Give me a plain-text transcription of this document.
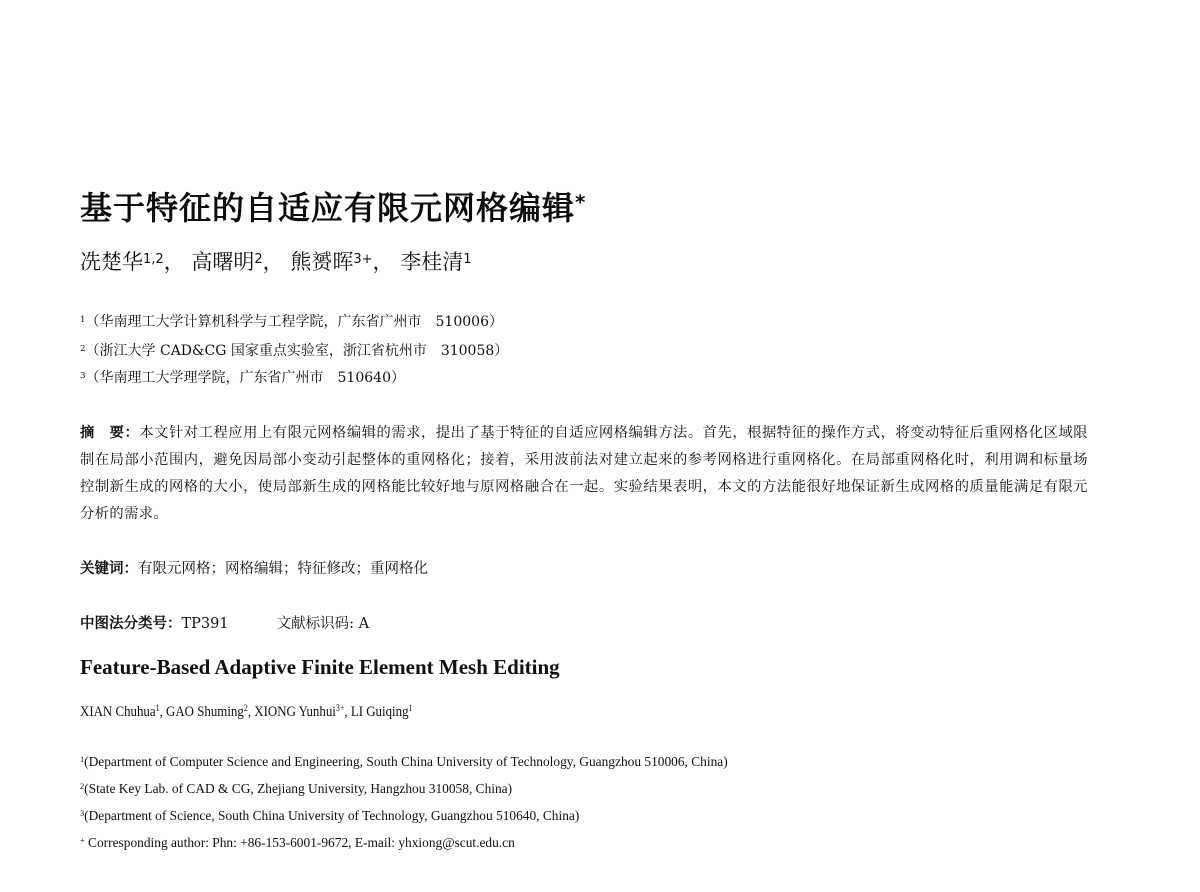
基于特征的自适应有限元网格编辑*
冼楚华$^{1,2}$， 高曙明$^2$， 熊赟晖$^{3+}$， 李桂清$^1$
$^1$（华南理工大学计算机科学与工程学院，广东省广州市　510006）
$^2$（浙江大学 CAD&CG 国家重点实验室，浙江省杭州市　310058）
$^3$（华南理工大学理学院，广东省广州市　510640）
摘　要：本文针对工程应用上有限元网格编辑的需求，提出了基于特征的自适应网格编辑方法。首先，根据特征的操作方式，将变动特征后重网格化区域限制在局部小范围内，避免因局部小变动引起整体的重网格化；接着，采用波前法对建立起来的参考网格进行重网格化。在局部重网格化时，利用调和标量场控制新生成的网格的大小，使局部新生成的网格能比较好地与原网格融合在一起。实验结果表明，本文的方法能很好地保证新生成网格的质量能满足有限元分析的需求。
关键词：有限元网格；网格编辑；特征修改；重网格化
中图法分类号：TP391	文献标识码: A
Feature-Based Adaptive Finite Element Mesh Editing
XIAN Chuhua$^1$, GAO Shuming$^2$, XIONG Yunhui$^{3+}$, LI Guiqing$^1$
$^1$(Department of Computer Science and Engineering, South China University of Technology, Guangzhou 510006, China)
$^2$(State Key Lab. of CAD & CG, Zhejiang University, Hangzhou 310058, China)
$^3$(Department of Science, South China University of Technology, Guangzhou 510640, China)
+ Corresponding author: Phn: +86-153-6001-9672, E-mail: yhxiong@scut.edu.cn
